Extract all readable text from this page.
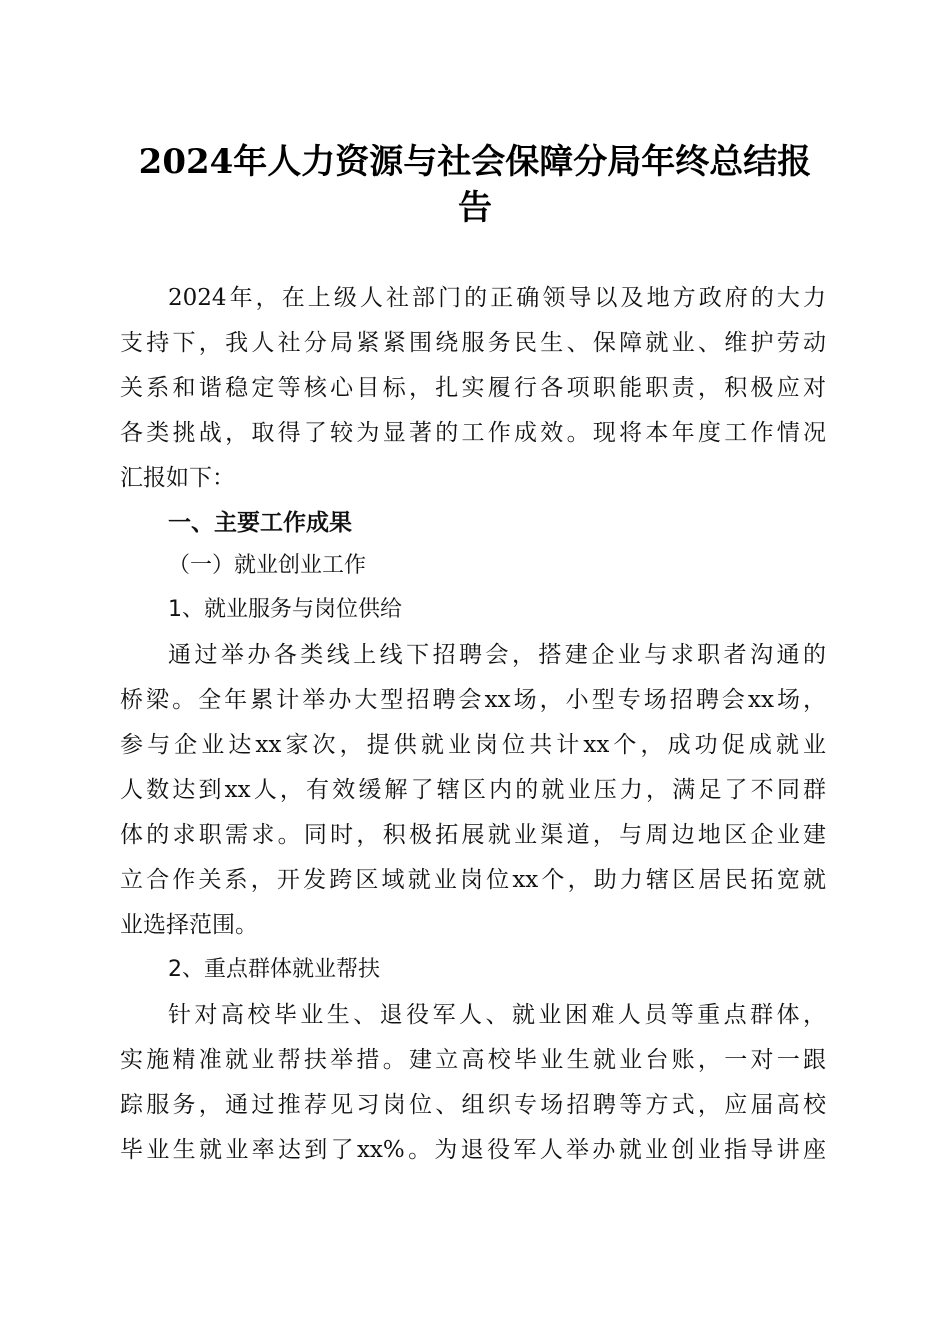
2024年人力资源与社会保障分局年终总结报
告
2024年，在上级人社部门的正确领导以及地方政府的大力
支持下，我人社分局紧紧围绕服务民生、保障就业、维护劳动
关系和谐稳定等核心目标，扎实履行各项职能职责，积极应对
各类挑战，取得了较为显著的工作成效。现将本年度工作情况
汇报如下：
一、主要工作成果
（一）就业创业工作
1、就业服务与岗位供给
通过举办各类线上线下招聘会，搭建企业与求职者沟通的
桥梁。全年累计举办大型招聘会xx场，小型专场招聘会xx场，
参与企业达xx家次，提供就业岗位共计xx个，成功促成就业
人数达到xx人，有效缓解了辖区内的就业压力，满足了不同群
体的求职需求。同时，积极拓展就业渠道，与周边地区企业建
立合作关系，开发跨区域就业岗位xx个，助力辖区居民拓宽就
业选择范围。
2、重点群体就业帮扶
针对高校毕业生、退役军人、就业困难人员等重点群体，
实施精准就业帮扶举措。建立高校毕业生就业台账，一对一跟
踪服务，通过推荐见习岗位、组织专场招聘等方式，应届高校
毕业生就业率达到了xx%。为退役军人举办就业创业指导讲座
